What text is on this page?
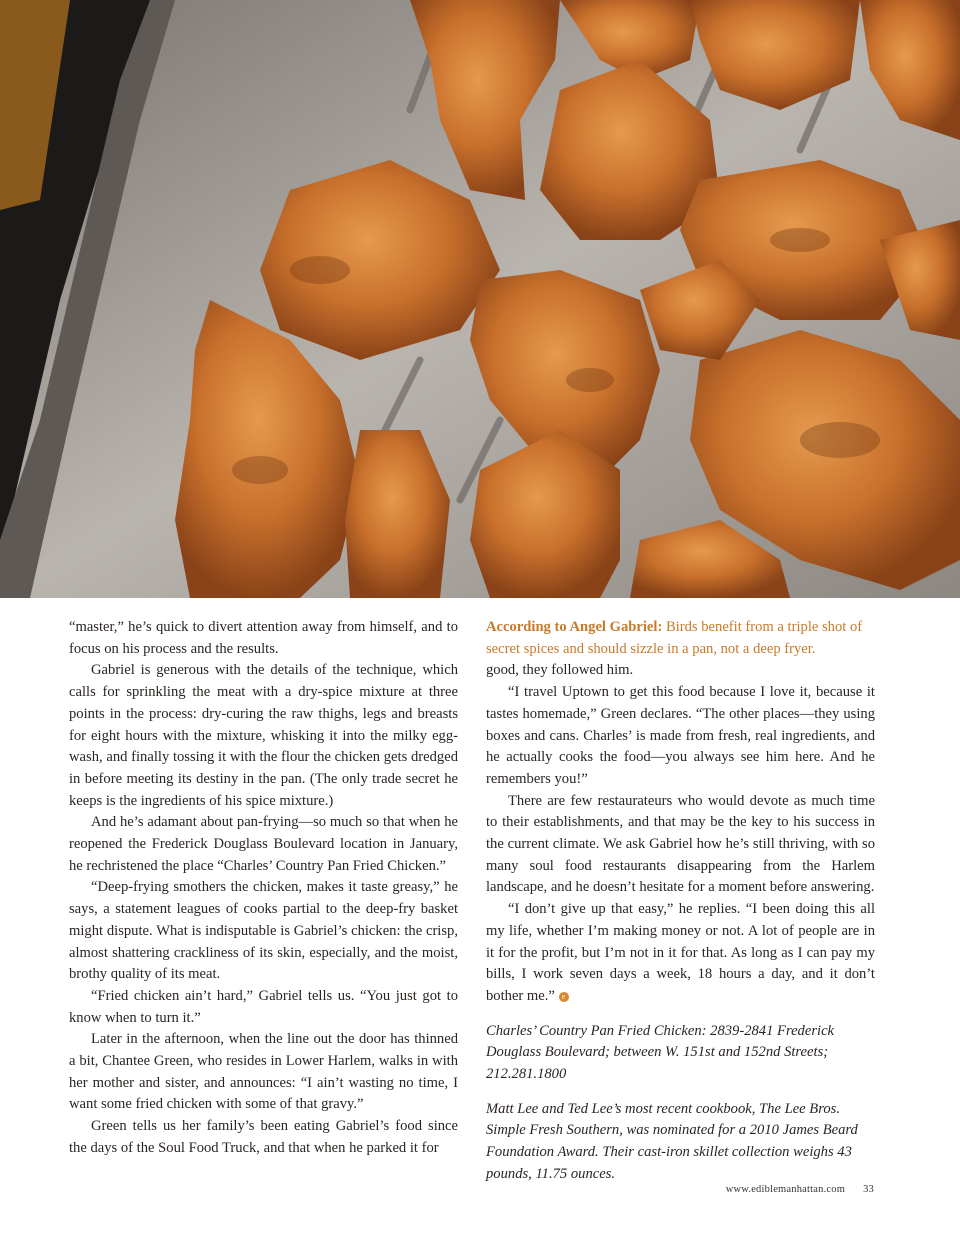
“master,” he’s quick to divert attention away from himself, and to focus on his process and the results.

Gabriel is generous with the details of the technique, which calls for sprinkling the meat with a dry-spice mixture at three points in the process: dry-curing the raw thighs, legs and breasts for eight hours with the mixture, whisking it into the milky egg-wash, and finally tossing it with the flour the chicken gets dredged in before meeting its destiny in the pan. (The only trade secret he keeps is the ingredients of his spice mixture.)

And he’s adamant about pan-frying—so much so that when he reopened the Frederick Douglass Boulevard location in January, he rechristened the place “Charles’ Country Pan Fried Chicken.”

“Deep-frying smothers the chicken, makes it taste greasy,” he says, a statement leagues of cooks partial to the deep-fry basket might dispute. What is indisputable is Gabriel’s chicken: the crisp, almost shattering crackliness of its skin, especially, and the moist, brothy quality of its meat.

“Fried chicken ain’t hard,” Gabriel tells us. “You just got to know when to turn it.”

Later in the afternoon, when the line out the door has thinned a bit, Chantee Green, who resides in Lower Harlem, walks in with her mother and sister, and announces: “I ain’t wasting no time, I want some fried chicken with some of that gravy.”

Green tells us her family’s been eating Gabriel’s food since the days of the Soul Food Truck, and that when he parked it for

According to Angel Gabriel: Birds benefit from a triple shot of secret spices and should sizzle in a pan, not a deep fryer.

good, they followed him.

“I travel Uptown to get this food because I love it, because it tastes homemade,” Green declares. “The other places—they using boxes and cans. Charles’ is made from fresh, real ingredients, and he actually cooks the food—you always see him here. And he remembers you!”

There are few restaurateurs who would devote as much time to their establishments, and that may be the key to his success in the current climate. We ask Gabriel how he’s still thriving, with so many soul food restaurants disappearing from the Harlem landscape, and he doesn’t hesitate for a moment before answering.

“I don’t give up that easy,” he replies. “I been doing this all my life, whether I’m making money or not. A lot of people are in it for the profit, but I’m not in it for that. As long as I can pay my bills, I work seven days a week, 18 hours a day, and it don’t bother me.” e

Charles’ Country Pan Fried Chicken: 2839-2841 Frederick Douglass Boulevard; between W. 151st and 152nd Streets; 212.281.1800

Matt Lee and Ted Lee’s most recent cookbook, The Lee Bros. Simple Fresh Southern, was nominated for a 2010 James Beard Foundation Award. Their cast-iron skillet collection weighs 43 pounds, 11.75 ounces.

www.ediblemanhattan.com 33
